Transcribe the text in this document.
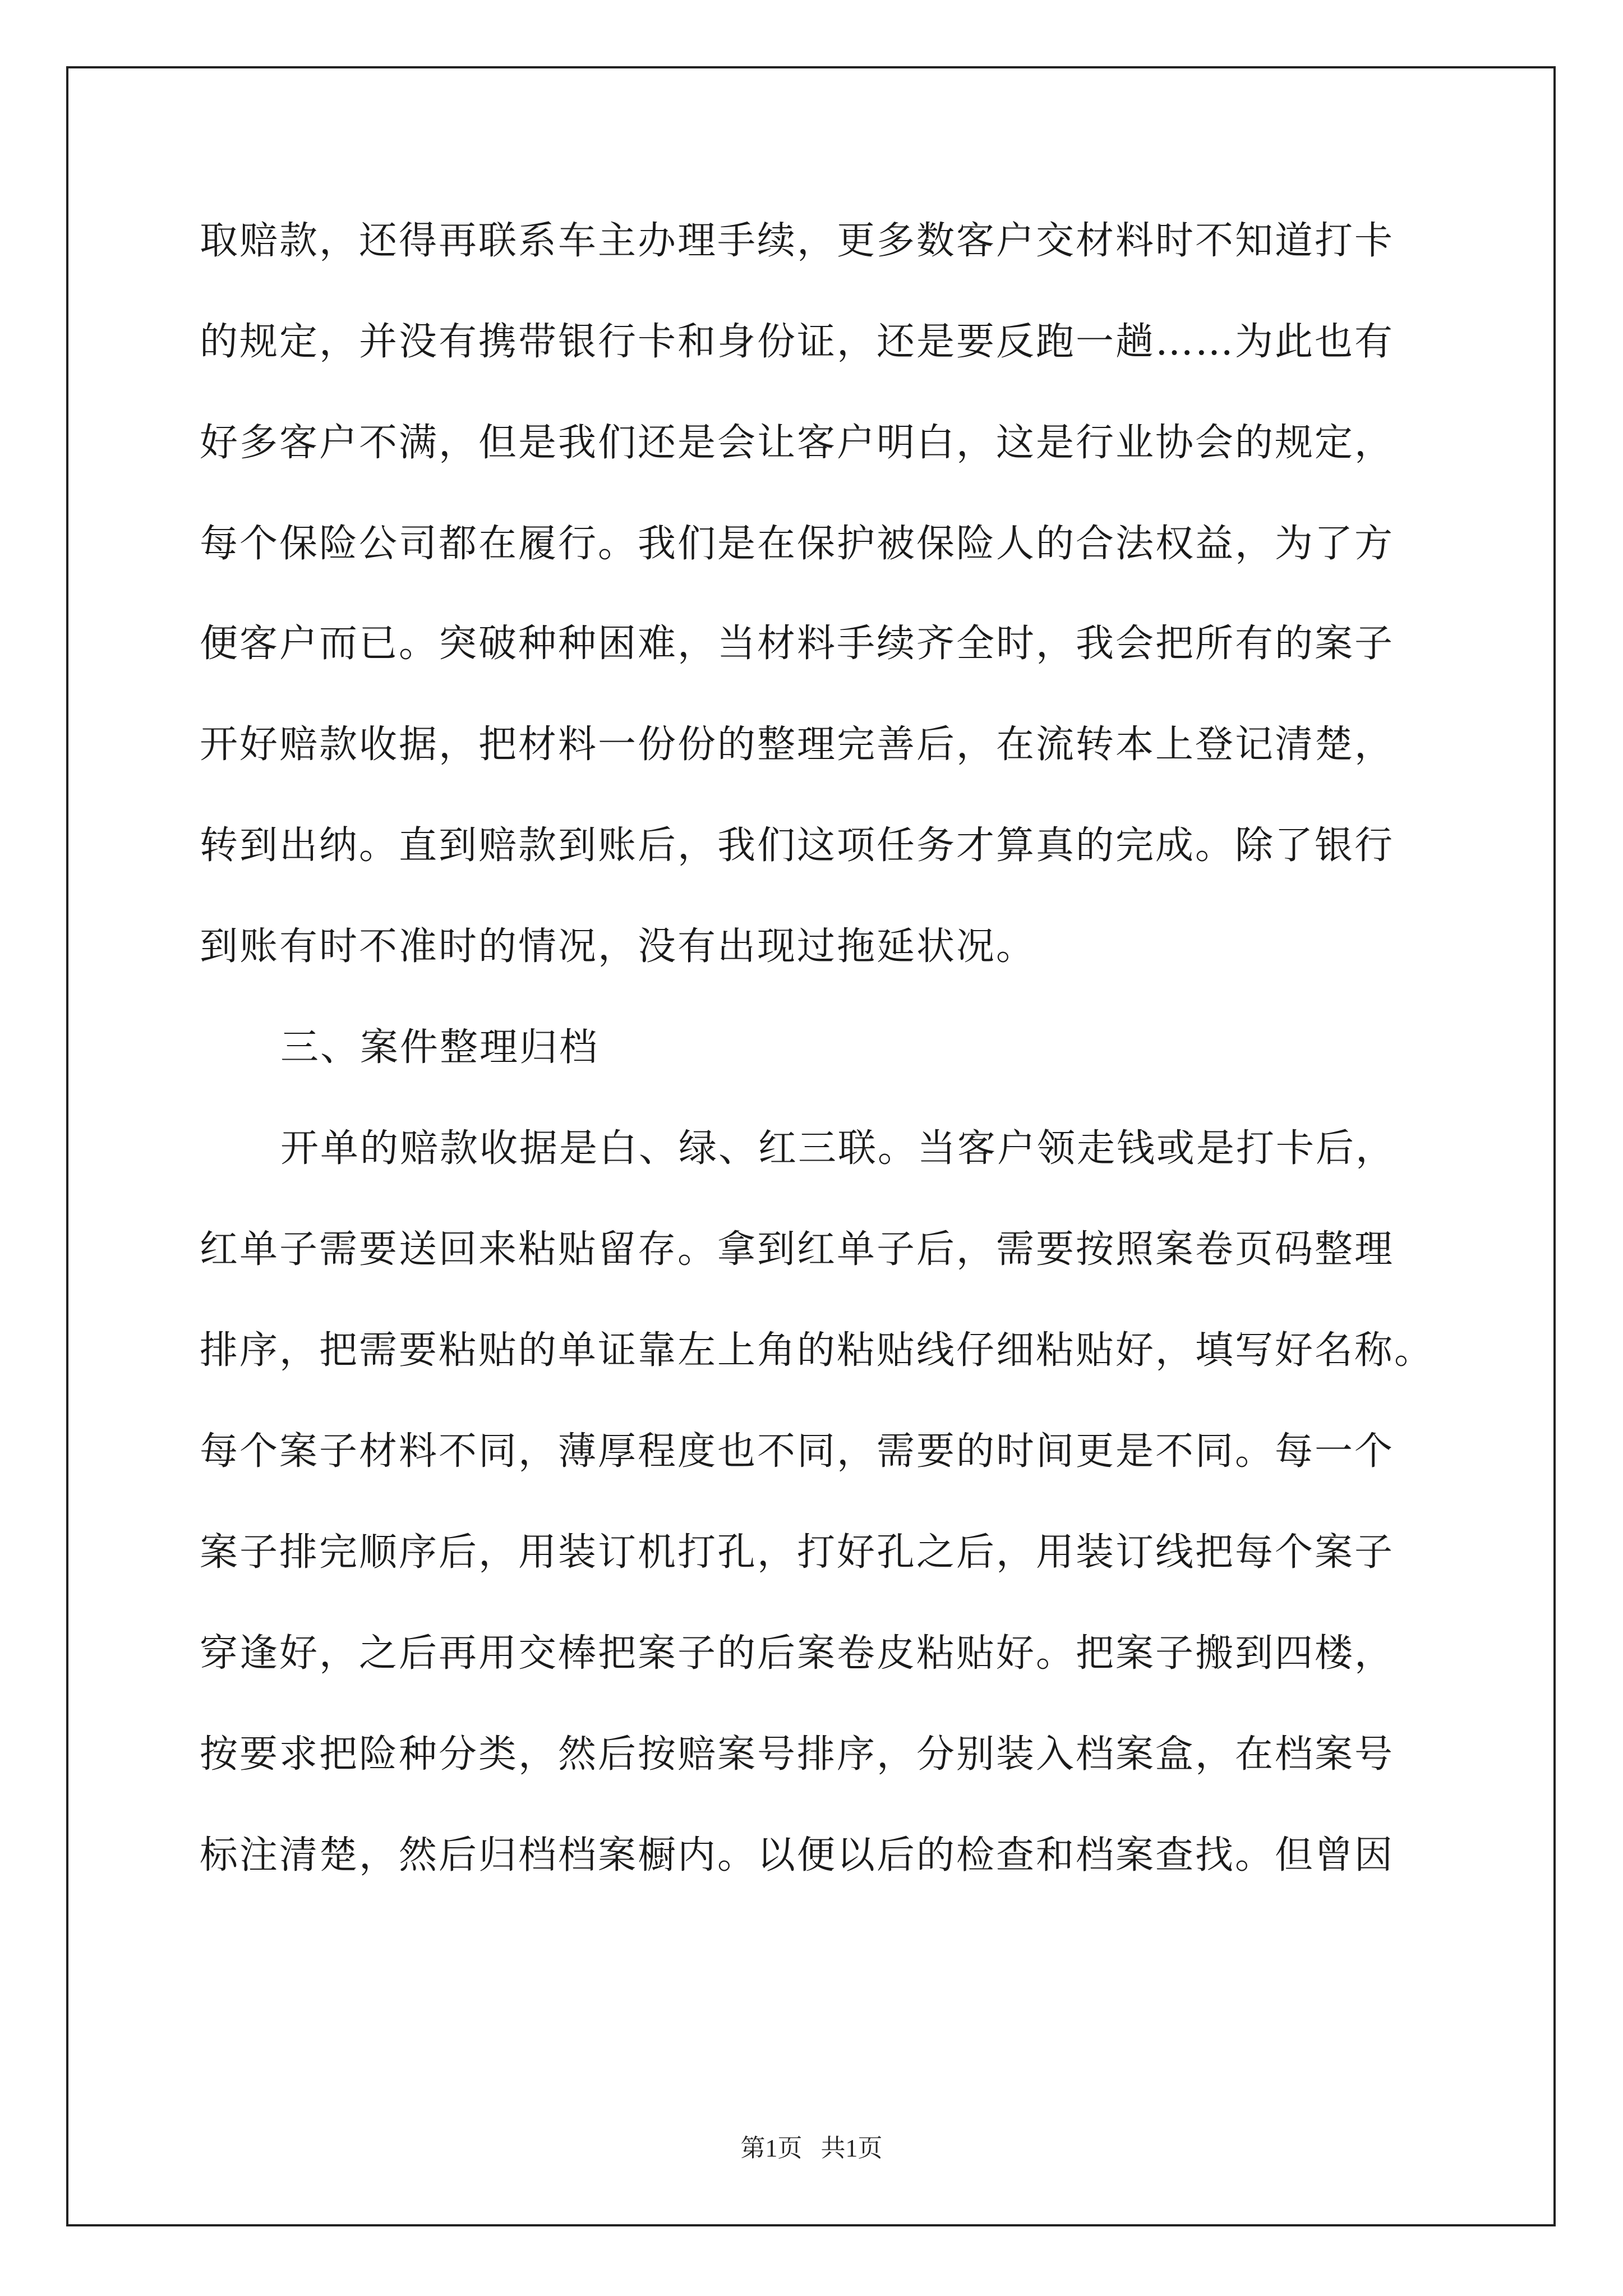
取赔款，还得再联系车主办理手续，更多数客户交材料时不知道打卡
的规定，并没有携带银行卡和身份证，还是要反跑一趟……为此也有
好多客户不满，但是我们还是会让客户明白，这是行业协会的规定，
每个保险公司都在履行。我们是在保护被保险人的合法权益，为了方
便客户而已。突破种种困难，当材料手续齐全时，我会把所有的案子
开好赔款收据，把材料一份份的整理完善后，在流转本上登记清楚，
转到出纳。直到赔款到账后，我们这项任务才算真的完成。除了银行
到账有时不准时的情况，没有出现过拖延状况。
三、案件整理归档
开单的赔款收据是白、绿、红三联。当客户领走钱或是打卡后，
红单子需要送回来粘贴留存。拿到红单子后，需要按照案卷页码整理
排序，把需要粘贴的单证靠左上角的粘贴线仔细粘贴好，填写好名称。
每个案子材料不同，薄厚程度也不同，需要的时间更是不同。每一个
案子排完顺序后，用装订机打孔，打好孔之后，用装订线把每个案子
穿逢好，之后再用交棒把案子的后案卷皮粘贴好。把案子搬到四楼，
按要求把险种分类，然后按赔案号排序，分别装入档案盒，在档案号
标注清楚，然后归档档案橱内。以便以后的检查和档案查找。但曾因
第1页   共1页
